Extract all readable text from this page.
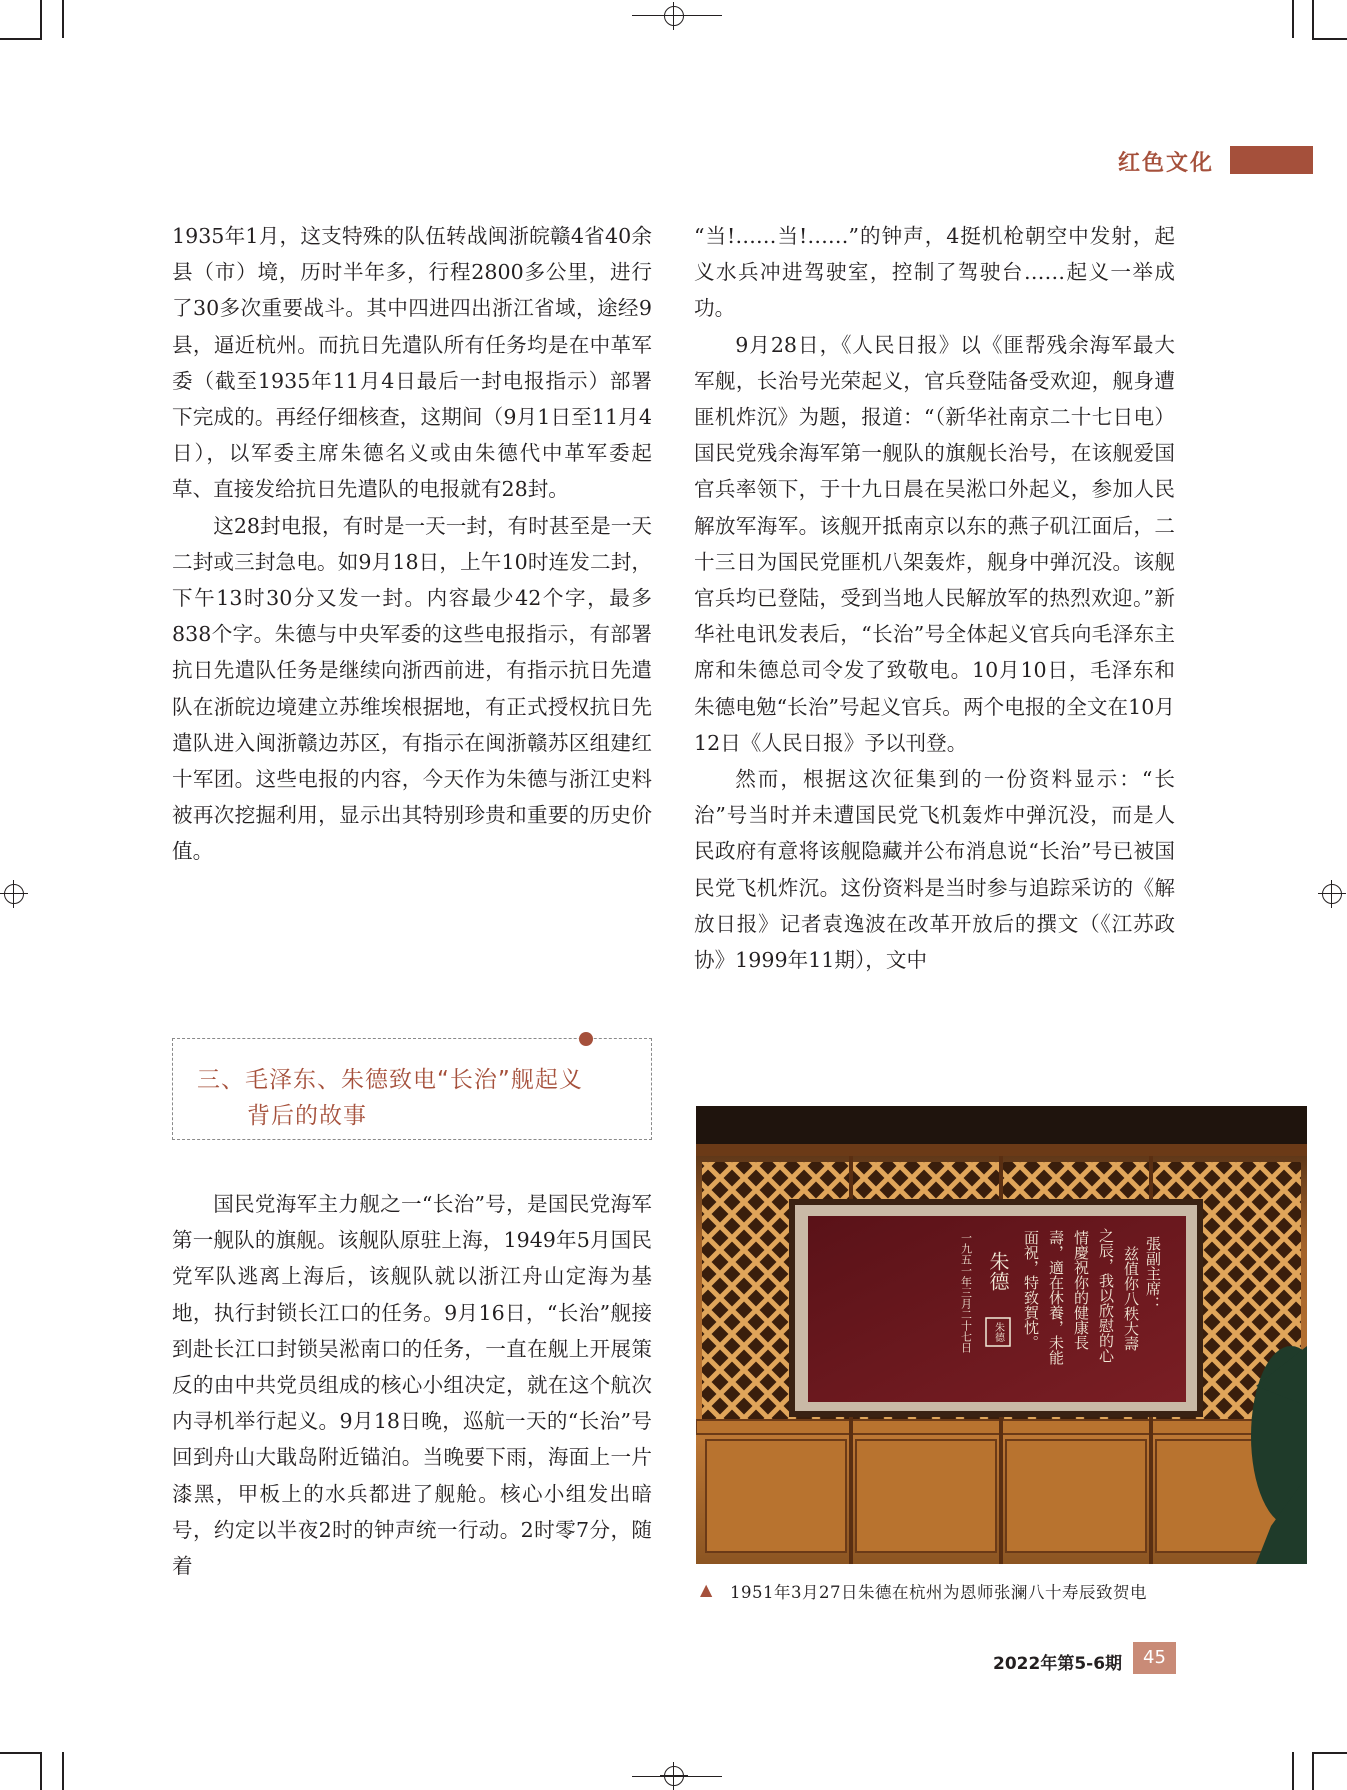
红色文化

1935年1月，这支特殊的队伍转战闽浙皖赣4省40余县（市）境，历时半年多，行程2800多公里，进行了30多次重要战斗。其中四进四出浙江省域，途经9县，逼近杭州。而抗日先遣队所有任务均是在中革军委（截至1935年11月4日最后一封电报指示）部署下完成的。再经仔细核查，这期间（9月1日至11月4日），以军委主席朱德名义或由朱德代中革军委起草、直接发给抗日先遣队的电报就有28封。

这28封电报，有时是一天一封，有时甚至是一天二封或三封急电。如9月18日，上午10时连发二封，下午13时30分又发一封。内容最少42个字，最多838个字。朱德与中央军委的这些电报指示，有部署抗日先遣队任务是继续向浙西前进，有指示抗日先遣队在浙皖边境建立苏维埃根据地，有正式授权抗日先遣队进入闽浙赣边苏区，有指示在闽浙赣苏区组建红十军团。这些电报的内容，今天作为朱德与浙江史料被再次挖掘利用，显示出其特别珍贵和重要的历史价值。

三、毛泽东、朱德致电“长治”舰起义
背后的故事

国民党海军主力舰之一“长治”号，是国民党海军第一舰队的旗舰。该舰队原驻上海，1949年5月国民党军队逃离上海后，该舰队就以浙江舟山定海为基地，执行封锁长江口的任务。9月16日，“长治”舰接到赴长江口封锁吴淞南口的任务，一直在舰上开展策反的由中共党员组成的核心小组决定，就在这个航次内寻机举行起义。9月18日晚，巡航一天的“长治”号回到舟山大戢岛附近锚泊。当晚要下雨，海面上一片漆黑，甲板上的水兵都进了舰舱。核心小组发出暗号，约定以半夜2时的钟声统一行动。2时零7分，随着

“当!……当!……”的钟声，4挺机枪朝空中发射，起义水兵冲进驾驶室，控制了驾驶台……起义一举成功。

9月28日，《人民日报》以《匪帮残余海军最大军舰，长治号光荣起义，官兵登陆备受欢迎，舰身遭匪机炸沉》为题，报道：“（新华社南京二十七日电）国民党残余海军第一舰队的旗舰长治号，在该舰爱国官兵率领下，于十九日晨在吴淞口外起义，参加人民解放军海军。该舰开抵南京以东的燕子矶江面后，二十三日为国民党匪机八架轰炸，舰身中弹沉没。该舰官兵均已登陆，受到当地人民解放军的热烈欢迎。”新华社电讯发表后，“长治”号全体起义官兵向毛泽东主席和朱德总司令发了致敬电。10月10日，毛泽东和朱德电勉“长治”号起义官兵。两个电报的全文在10月12日《人民日报》予以刊登。

然而，根据这次征集到的一份资料显示：“长治”号当时并未遭国民党飞机轰炸中弹沉没，而是人民政府有意将该舰隐藏并公布消息说“长治”号已被国民党飞机炸沉。这份资料是当时参与追踪采访的《解放日报》记者袁逸波在改革开放后的撰文（《江苏政协》1999年11期），文中

張副主席：
兹值你八秩大壽
之辰，我以欣慰的心
情慶祝你的健康長
壽，適在休養，未能
面祝，特致賀忱。
朱德
一九五一年三月二十七日 朱德
▲ 1951年3月27日朱德在杭州为恩师张澜八十寿辰致贺电
2022年第5-6期	45
